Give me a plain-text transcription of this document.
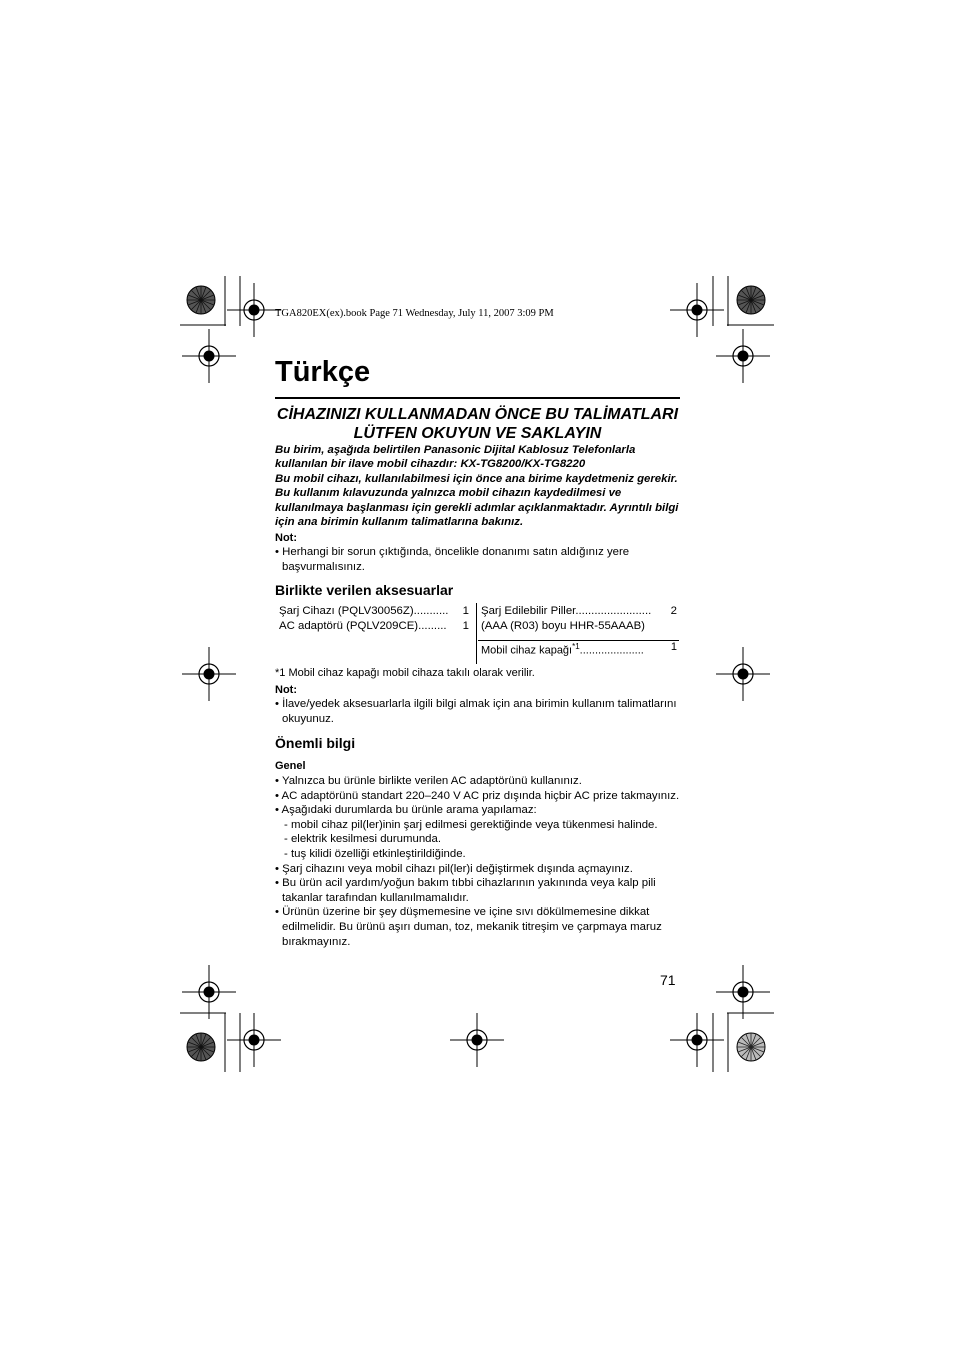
TGA820EX(ex).book Page 71 Wednesday, July 11, 2007 3:09 PM
Türkçe
CİHAZINIZI KULLANMADAN ÖNCE BU TALİMATLARI
LÜTFEN OKUYUN VE SAKLAYIN

Bu birim, aşağıda belirtilen Panasonic Dijital Kablosuz Telefonlarla kullanılan bir ilave mobil cihazdır: KX-TG8200/KX-TG8220

Bu mobil cihazı, kullanılabilmesi için önce ana birime kaydetmeniz gerekir. Bu kullanım kılavuzunda yalnızca mobil cihazın kaydedilmesi ve kullanılmaya başlanması için gerekli adımlar açıklanmaktadır. Ayrıntılı bilgi için ana birimin kullanım talimatlarına bakınız.

Not:

• Herhangi bir sorun çıktığında, öncelikle donanımı satın aldığınız yere başvurmalısınız.

Birlikte verilen aksesuarlar
Şarj Cihazı (PQLV30056Z)........... 1
AC adaptörü (PQLV209CE)......... 1
Şarj Edilebilir Piller........................ 2
(AAA (R03) boyu HHR-55AAAB)
Mobil cihaz kapağı$^{*1}$..................... 1
*1 Mobil cihaz kapağı mobil cihaza takılı olarak verilir.
Not:

• İlave/yedek aksesuarlarla ilgili bilgi almak için ana birimin kullanım talimatlarını okuyunuz.

Önemli bilgi
Genel

• Yalnızca bu ürünle birlikte verilen AC adaptörünü kullanınız.

• AC adaptörünü standart 220–240 V AC priz dışında hiçbir AC prize takmayınız.

• Aşağıdaki durumlarda bu ürünle arama yapılamaz:

- mobil cihaz pil(ler)inin şarj edilmesi gerektiğinde veya tükenmesi halinde.

- elektrik kesilmesi durumunda.

- tuş kilidi özelliği etkinleştirildiğinde.

• Şarj cihazını veya mobil cihazı pil(ler)i değiştirmek dışında açmayınız.

• Bu ürün acil yardım/yoğun bakım tıbbi cihazlarının yakınında veya kalp pili takanlar tarafından kullanılmamalıdır.

• Ürünün üzerine bir şey düşmemesine ve içine sıvı dökülmemesine dikkat edilmelidir. Bu ürünü aşırı duman, toz, mekanik titreşim ve çarpmaya maruz bırakmayınız.

71
